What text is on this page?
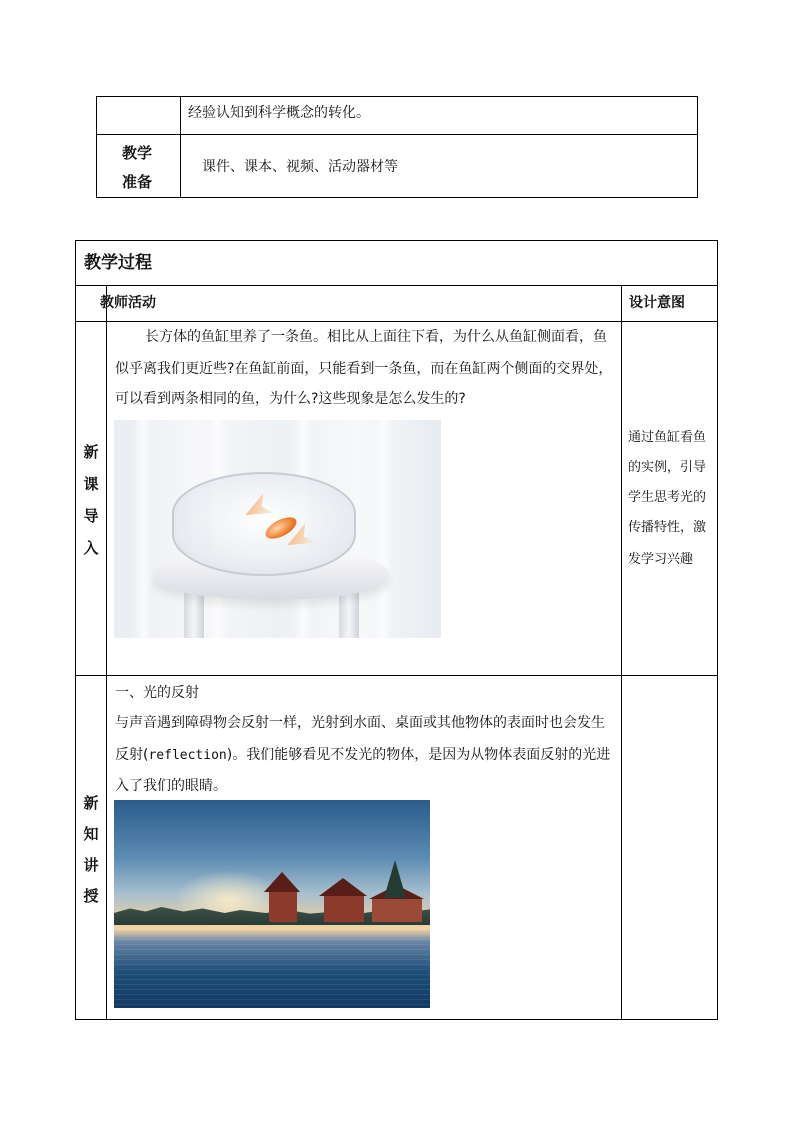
经验认知到科学概念的转化。
教学
准备
课件、课本、视频、活动器材等
教学过程
教师活动	设计意图
新
课
导
入
长方体的鱼缸里养了一条鱼。相比从上面往下看，为什么从鱼缸侧面看，鱼
似乎离我们更近些?在鱼缸前面，只能看到一条鱼，而在鱼缸两个侧面的交界处，
可以看到两条相同的鱼，为什么?这些现象是怎么发生的?
通过鱼缸看鱼
的实例，引导
学生思考光的
传播特性，激
发学习兴趣
新
知
讲
授
一、光的反射
与声音遇到障碍物会反射一样，光射到水面、桌面或其他物体的表面时也会发生
反射(reflection)。我们能够看见不发光的物体，是因为从物体表面反射的光进
入了我们的眼睛。
